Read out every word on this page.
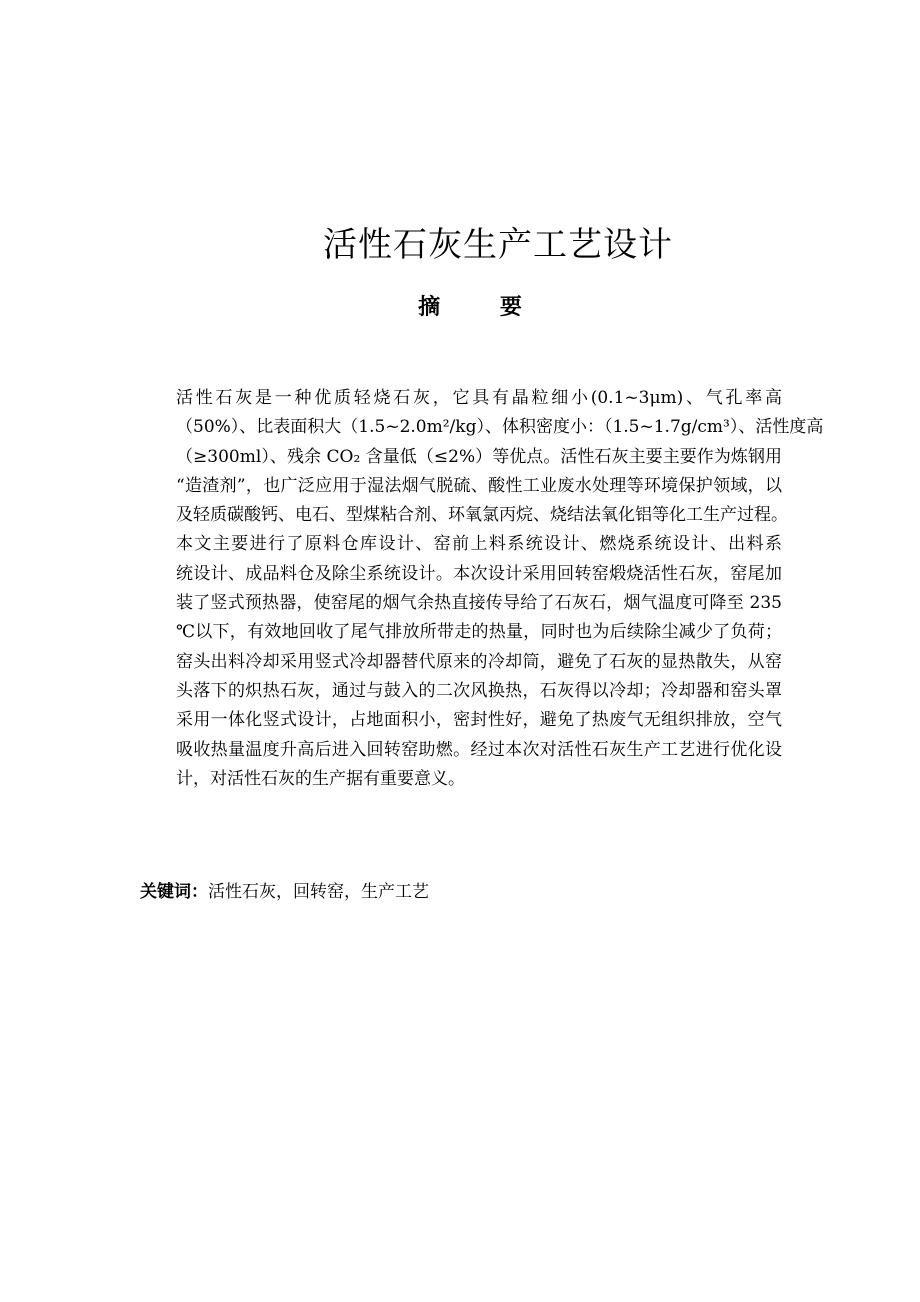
活性石灰生产工艺设计
摘 要

活性石灰是一种优质轻烧石灰，它具有晶粒细小(0.1~3μm)、气孔率高
（50%）、比表面积大（1.5~2.0m²/kg）、体积密度小：（1.5~1.7g/cm³）、活性度高
（≥300ml）、残余 CO₂ 含量低（≤2%）等优点。活性石灰主要主要作为炼钢用
“造渣剂”，也广泛应用于湿法烟气脱硫、酸性工业废水处理等环境保护领域，以
及轻质碳酸钙、电石、型煤粘合剂、环氧氯丙烷、烧结法氧化铝等化工生产过程。

本文主要进行了原料仓库设计、窑前上料系统设计、燃烧系统设计、出料系
统设计、成品料仓及除尘系统设计。本次设计采用回转窑煅烧活性石灰，窑尾加
装了竖式预热器，使窑尾的烟气余热直接传导给了石灰石，烟气温度可降至 235
℃以下，有效地回收了尾气排放所带走的热量，同时也为后续除尘减少了负荷；
窑头出料冷却采用竖式冷却器替代原来的冷却筒，避免了石灰的显热散失，从窑
头落下的炽热石灰，通过与鼓入的二次风换热，石灰得以冷却；冷却器和窑头罩
采用一体化竖式设计，占地面积小，密封性好，避免了热废气无组织排放，空气
吸收热量温度升高后进入回转窑助燃。经过本次对活性石灰生产工艺进行优化设
计，对活性石灰的生产据有重要意义。

关键词：活性石灰，回转窑，生产工艺
